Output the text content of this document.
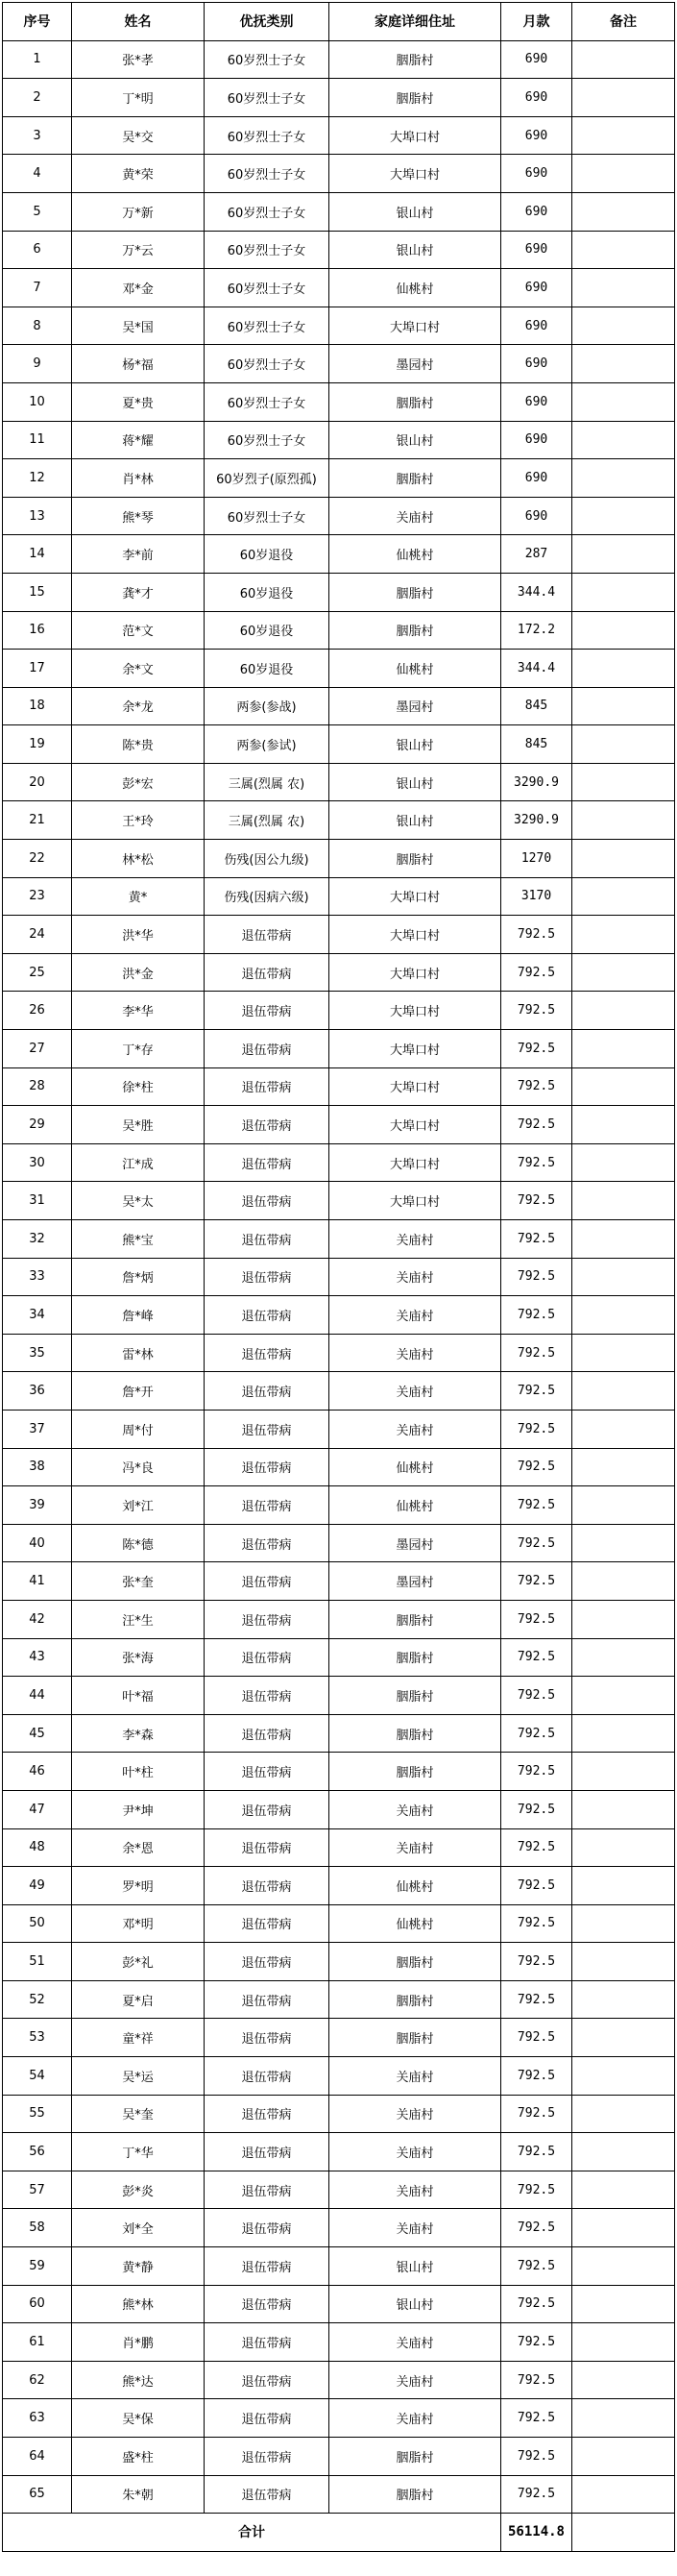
序号	姓名	优抚类别	家庭详细住址	月款	备注
1	张*孝	60岁烈士子女	胭脂村	690	
2	丁*明	60岁烈士子女	胭脂村	690	
3	吴*交	60岁烈士子女	大埠口村	690	
4	黄*荣	60岁烈士子女	大埠口村	690	
5	万*新	60岁烈士子女	银山村	690	
6	万*云	60岁烈士子女	银山村	690	
7	邓*金	60岁烈士子女	仙桃村	690	
8	吴*国	60岁烈士子女	大埠口村	690	
9	杨*福	60岁烈士子女	墨园村	690	
10	夏*贵	60岁烈士子女	胭脂村	690	
11	蒋*耀	60岁烈士子女	银山村	690	
12	肖*林	60岁烈子(原烈孤)	胭脂村	690	
13	熊*琴	60岁烈士子女	关庙村	690	
14	李*前	60岁退役	仙桃村	287	
15	龚*才	60岁退役	胭脂村	344.4	
16	范*文	60岁退役	胭脂村	172.2	
17	余*文	60岁退役	仙桃村	344.4	
18	余*龙	两参(参战)	墨园村	845	
19	陈*贵	两参(参试)	银山村	845	
20	彭*宏	三属(烈属 农)	银山村	3290.9	
21	王*玲	三属(烈属 农)	银山村	3290.9	
22	林*松	伤残(因公九级)	胭脂村	1270	
23	黄*	伤残(因病六级)	大埠口村	3170	
24	洪*华	退伍带病	大埠口村	792.5	
25	洪*金	退伍带病	大埠口村	792.5	
26	李*华	退伍带病	大埠口村	792.5	
27	丁*存	退伍带病	大埠口村	792.5	
28	徐*柱	退伍带病	大埠口村	792.5	
29	吴*胜	退伍带病	大埠口村	792.5	
30	江*成	退伍带病	大埠口村	792.5	
31	吴*太	退伍带病	大埠口村	792.5	
32	熊*宝	退伍带病	关庙村	792.5	
33	詹*炳	退伍带病	关庙村	792.5	
34	詹*峰	退伍带病	关庙村	792.5	
35	雷*林	退伍带病	关庙村	792.5	
36	詹*开	退伍带病	关庙村	792.5	
37	周*付	退伍带病	关庙村	792.5	
38	冯*良	退伍带病	仙桃村	792.5	
39	刘*江	退伍带病	仙桃村	792.5	
40	陈*德	退伍带病	墨园村	792.5	
41	张*奎	退伍带病	墨园村	792.5	
42	汪*生	退伍带病	胭脂村	792.5	
43	张*海	退伍带病	胭脂村	792.5	
44	叶*福	退伍带病	胭脂村	792.5	
45	李*森	退伍带病	胭脂村	792.5	
46	叶*柱	退伍带病	胭脂村	792.5	
47	尹*坤	退伍带病	关庙村	792.5	
48	余*恩	退伍带病	关庙村	792.5	
49	罗*明	退伍带病	仙桃村	792.5	
50	邓*明	退伍带病	仙桃村	792.5	
51	彭*礼	退伍带病	胭脂村	792.5	
52	夏*启	退伍带病	胭脂村	792.5	
53	童*祥	退伍带病	胭脂村	792.5	
54	吴*运	退伍带病	关庙村	792.5	
55	吴*奎	退伍带病	关庙村	792.5	
56	丁*华	退伍带病	关庙村	792.5	
57	彭*炎	退伍带病	关庙村	792.5	
58	刘*全	退伍带病	关庙村	792.5	
59	黄*静	退伍带病	银山村	792.5	
60	熊*林	退伍带病	银山村	792.5	
61	肖*鹏	退伍带病	关庙村	792.5	
62	熊*达	退伍带病	关庙村	792.5	
63	吴*保	退伍带病	关庙村	792.5	
64	盛*柱	退伍带病	胭脂村	792.5	
65	朱*朝	退伍带病	胭脂村	792.5	
合计				56114.8	
